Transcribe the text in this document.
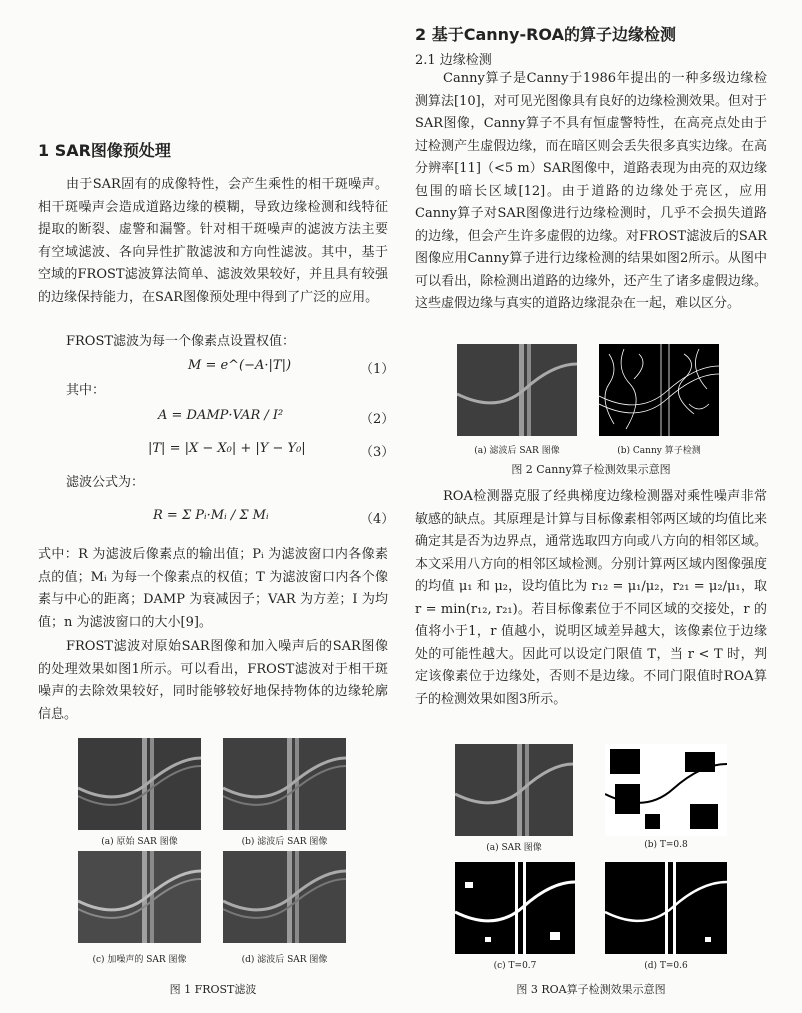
1 SAR图像预处理
由于SAR固有的成像特性，会产生乘性的相干斑噪声。相干斑噪声会造成道路边缘的模糊，导致边缘检测和线特征提取的断裂、虚警和漏警。针对相干斑噪声的滤波方法主要有空域滤波、各向异性扩散滤波和方向性滤波。其中，基于空域的FROST滤波算法简单、滤波效果较好，并且具有较强的边缘保持能力，在SAR图像预处理中得到了广泛的应用。
FROST滤波为每一个像素点设置权值：
M = e^(−A·|T|)	（1）
其中：
A = DAMP·VAR / I²	（2）
|T| = |X − X₀| + |Y − Y₀|	（3）
滤波公式为：
R = Σ Pᵢ·Mᵢ / Σ Mᵢ	（4）
式中：R 为滤波后像素点的输出值；Pᵢ 为滤波窗口内各像素点的值；Mᵢ 为每一个像素点的权值；T 为滤波窗口内各个像素与中心的距离；DAMP 为衰减因子；VAR 为方差；I 为均值；n 为滤波窗口的大小[9]。
FROST滤波对原始SAR图像和加入噪声后的SAR图像的处理效果如图1所示。可以看出，FROST滤波对于相干斑噪声的去除效果较好，同时能够较好地保持物体的边缘轮廓信息。
(a) 原始 SAR 图像	(b) 滤波后 SAR 图像
(c) 加噪声的 SAR 图像	(d) 滤波后 SAR 图像
图 1 FROST滤波
2 基于Canny-ROA的算子边缘检测
2.1 边缘检测
Canny算子是Canny于1986年提出的一种多级边缘检测算法[10]，对可见光图像具有良好的边缘检测效果。但对于SAR图像，Canny算子不具有恒虚警特性，在高亮点处由于过检测产生虚假边缘，而在暗区则会丢失很多真实边缘。在高分辨率[11]（<5 m）SAR图像中，道路表现为由亮的双边缘包围的暗长区域[12]。由于道路的边缘处于亮区，应用Canny算子对SAR图像进行边缘检测时，几乎不会损失道路的边缘，但会产生许多虚假的边缘。对FROST滤波后的SAR图像应用Canny算子进行边缘检测的结果如图2所示。从图中可以看出，除检测出道路的边缘外，还产生了诸多虚假边缘。这些虚假边缘与真实的道路边缘混杂在一起，难以区分。
(a) 滤波后 SAR 图像	(b) Canny 算子检测
图 2 Canny算子检测效果示意图
ROA检测器克服了经典梯度边缘检测器对乘性噪声非常敏感的缺点。其原理是计算与目标像素相邻两区域的均值比来确定其是否为边界点，通常选取四方向或八方向的相邻区域。本文采用八方向的相邻区域检测。分别计算两区域内图像强度的均值 μ₁ 和 μ₂，设均值比为 r₁₂ = μ₁/μ₂，r₂₁ = μ₂/μ₁，取 r = min(r₁₂, r₂₁)。若目标像素位于不同区域的交接处，r 的值将小于1，r 值越小，说明区域差异越大，该像素位于边缘处的可能性越大。因此可以设定门限值 T，当 r < T 时，判定该像素位于边缘处，否则不是边缘。不同门限值时ROA算子的检测效果如图3所示。
(a) SAR 图像	(b) T=0.8
(c) T=0.7	(d) T=0.6
图 3 ROA算子检测效果示意图
